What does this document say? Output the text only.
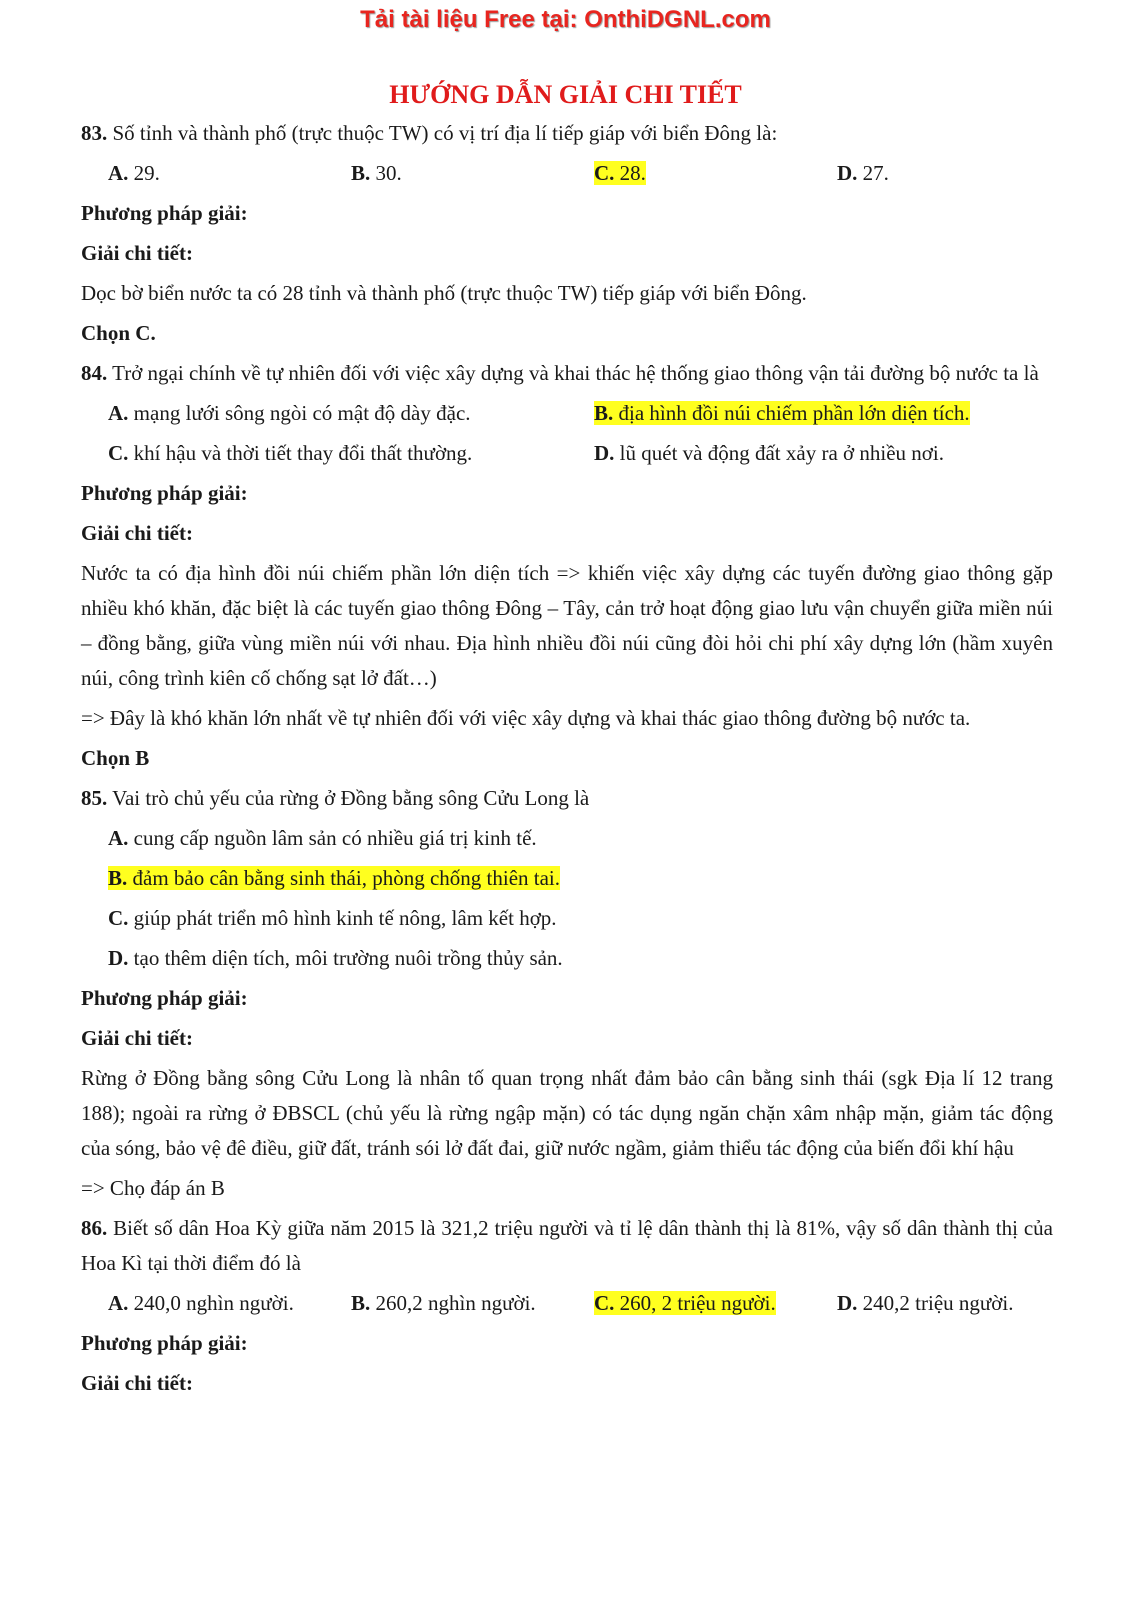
Tải tài liệu Free tại: OnthiDGNL.com
HƯỚNG DẪN GIẢI CHI TIẾT
83. Số tỉnh và thành phố (trực thuộc TW) có vị trí địa lí tiếp giáp với biển Đông là:
A. 29.	B. 30.	C. 28.	D. 27.
Phương pháp giải:
Giải chi tiết:
Dọc bờ biển nước ta có 28 tỉnh và thành phố (trực thuộc TW) tiếp giáp với biển Đông.
Chọn C.
84. Trở ngại chính về tự nhiên đối với việc xây dựng và khai thác hệ thống giao thông vận tải đường bộ nước ta là
A. mạng lưới sông ngòi có mật độ dày đặc.	B. địa hình đồi núi chiếm phần lớn diện tích.
C. khí hậu và thời tiết thay đổi thất thường.	D. lũ quét và động đất xảy ra ở nhiều nơi.
Phương pháp giải:
Giải chi tiết:
Nước ta có địa hình đồi núi chiếm phần lớn diện tích => khiến việc xây dựng các tuyến đường giao thông gặp nhiều khó khăn, đặc biệt là các tuyến giao thông Đông – Tây, cản trở hoạt động giao lưu vận chuyển giữa miền núi – đồng bằng, giữa vùng miền núi với nhau. Địa hình nhiều đồi núi cũng đòi hỏi chi phí xây dựng lớn (hầm xuyên núi, công trình kiên cố chống sạt lở đất…)
=> Đây là khó khăn lớn nhất về tự nhiên đối với việc xây dựng và khai thác giao thông đường bộ nước ta.
Chọn B
85. Vai trò chủ yếu của rừng ở Đồng bằng sông Cửu Long là
A. cung cấp nguồn lâm sản có nhiều giá trị kinh tế.
B. đảm bảo cân bằng sinh thái, phòng chống thiên tai.
C. giúp phát triển mô hình kinh tế nông, lâm kết hợp.
D. tạo thêm diện tích, môi trường nuôi trồng thủy sản.
Phương pháp giải:
Giải chi tiết:
Rừng ở Đồng bằng sông Cửu Long là nhân tố quan trọng nhất đảm bảo cân bằng sinh thái (sgk Địa lí 12 trang 188); ngoài ra rừng ở ĐBSCL (chủ yếu là rừng ngập mặn) có tác dụng ngăn chặn xâm nhập mặn, giảm tác động của sóng, bảo vệ đê điều, giữ đất, tránh sói lở đất đai, giữ nước ngầm, giảm thiểu tác động của biến đổi khí hậu
=> Chọ đáp án B
86. Biết số dân Hoa Kỳ giữa năm 2015 là 321,2 triệu người và tỉ lệ dân thành thị là 81%, vậy số dân thành thị của Hoa Kì tại thời điểm đó là
A. 240,0 nghìn người.	B. 260,2 nghìn người.	C. 260, 2 triệu người.	D. 240,2 triệu người.
Phương pháp giải:
Giải chi tiết:
